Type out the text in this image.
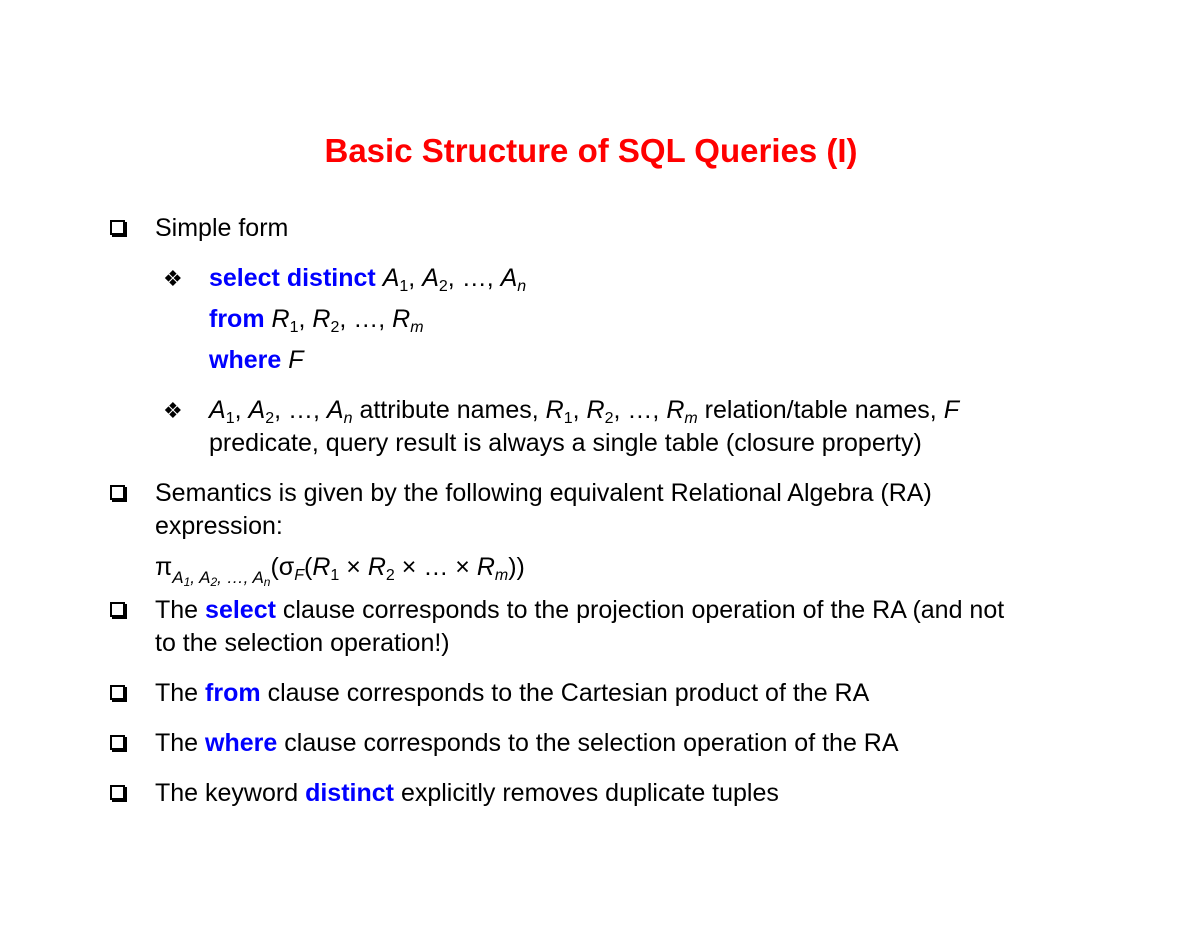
Basic Structure of SQL Queries (I)
Simple form
❖ select distinct $A_1$, $A_2$, …, $A_n$
from $R_1$, $R_2$, …, $R_m$
where F
❖ $A_1$, $A_2$, …, $A_n$ attribute names, $R_1$, $R_2$, …, $R_m$ relation/table names, F
predicate, query result is always a single table (closure property)
Semantics is given by the following equivalent Relational Algebra (RA)
expression:
$\pi_{A_1, A_2, \dots, A_n}(\sigma_F(R_1 \times R_2$ × … × $R_m$))
The select clause corresponds to the projection operation of the RA (and not
to the selection operation!)
The from clause corresponds to the Cartesian product of the RA
The where clause corresponds to the selection operation of the RA
The keyword distinct explicitly removes duplicate tuples
